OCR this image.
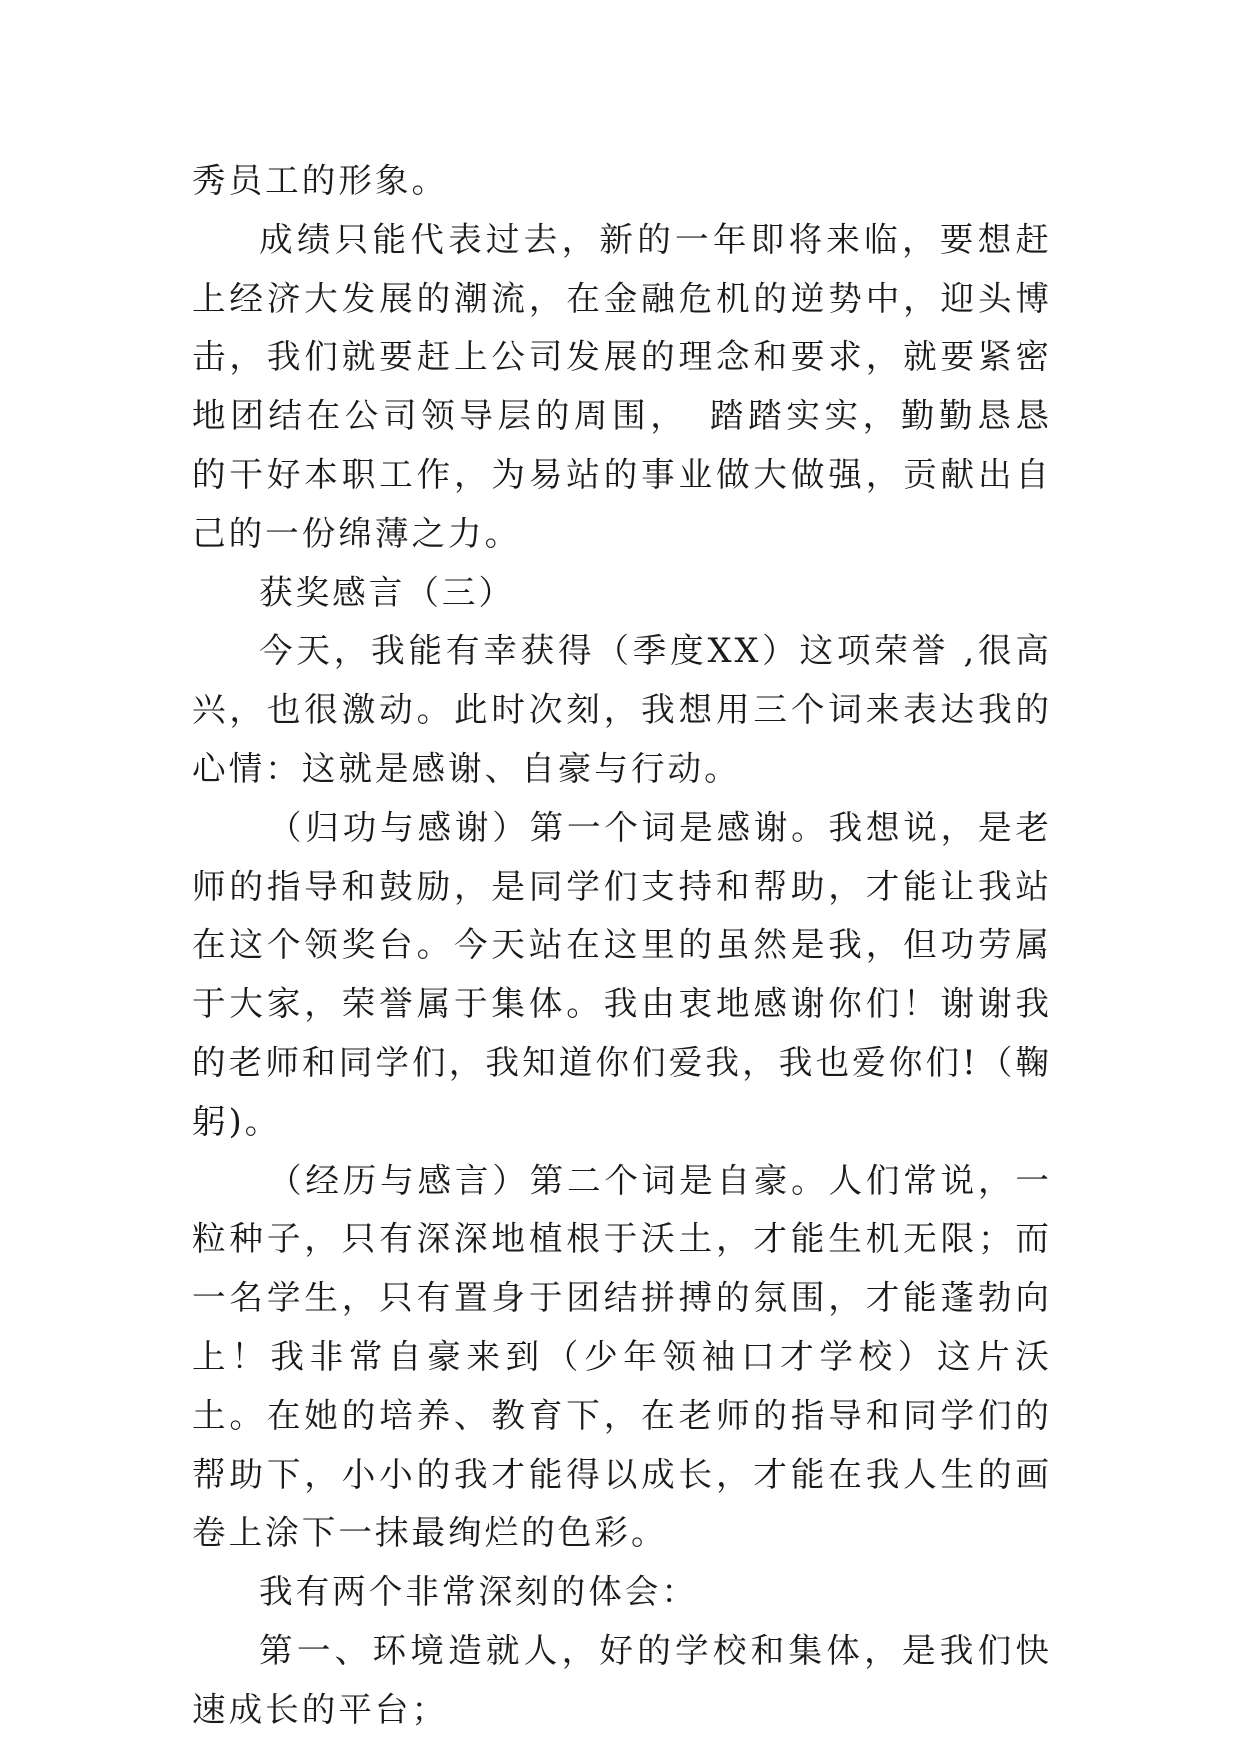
秀员工的形象。

成绩只能代表过去，新的一年即将来临，要想赶上经济大发展的潮流，在金融危机的逆势中，迎头博击，我们就要赶上公司发展的理念和要求，就要紧密地团结在公司领导层的周围，　踏踏实实，勤勤恳恳的干好本职工作，为易站的事业做大做强，贡献出自己的一份绵薄之力。

获奖感言（三）

今天，我能有幸获得（季度XX）这项荣誉 ,很高兴，也很激动。此时次刻，我想用三个词来表达我的心情：这就是感谢、自豪与行动。

（归功与感谢）第一个词是感谢。我想说，是老师的指导和鼓励，是同学们支持和帮助，才能让我站在这个领奖台。今天站在这里的虽然是我，但功劳属于大家，荣誉属于集体。我由衷地感谢你们！谢谢我的老师和同学们，我知道你们爱我，我也爱你们!（鞠躬)。

（经历与感言）第二个词是自豪。人们常说，一粒种子，只有深深地植根于沃土，才能生机无限；而一名学生，只有置身于团结拼搏的氛围，才能蓬勃向上！我非常自豪来到（少年领袖口才学校）这片沃土。在她的培养、教育下，在老师的指导和同学们的帮助下，小小的我才能得以成长，才能在我人生的画卷上涂下一抹最绚烂的色彩。

我有两个非常深刻的体会：

第一、环境造就人，好的学校和集体，是我们快速成长的平台；
